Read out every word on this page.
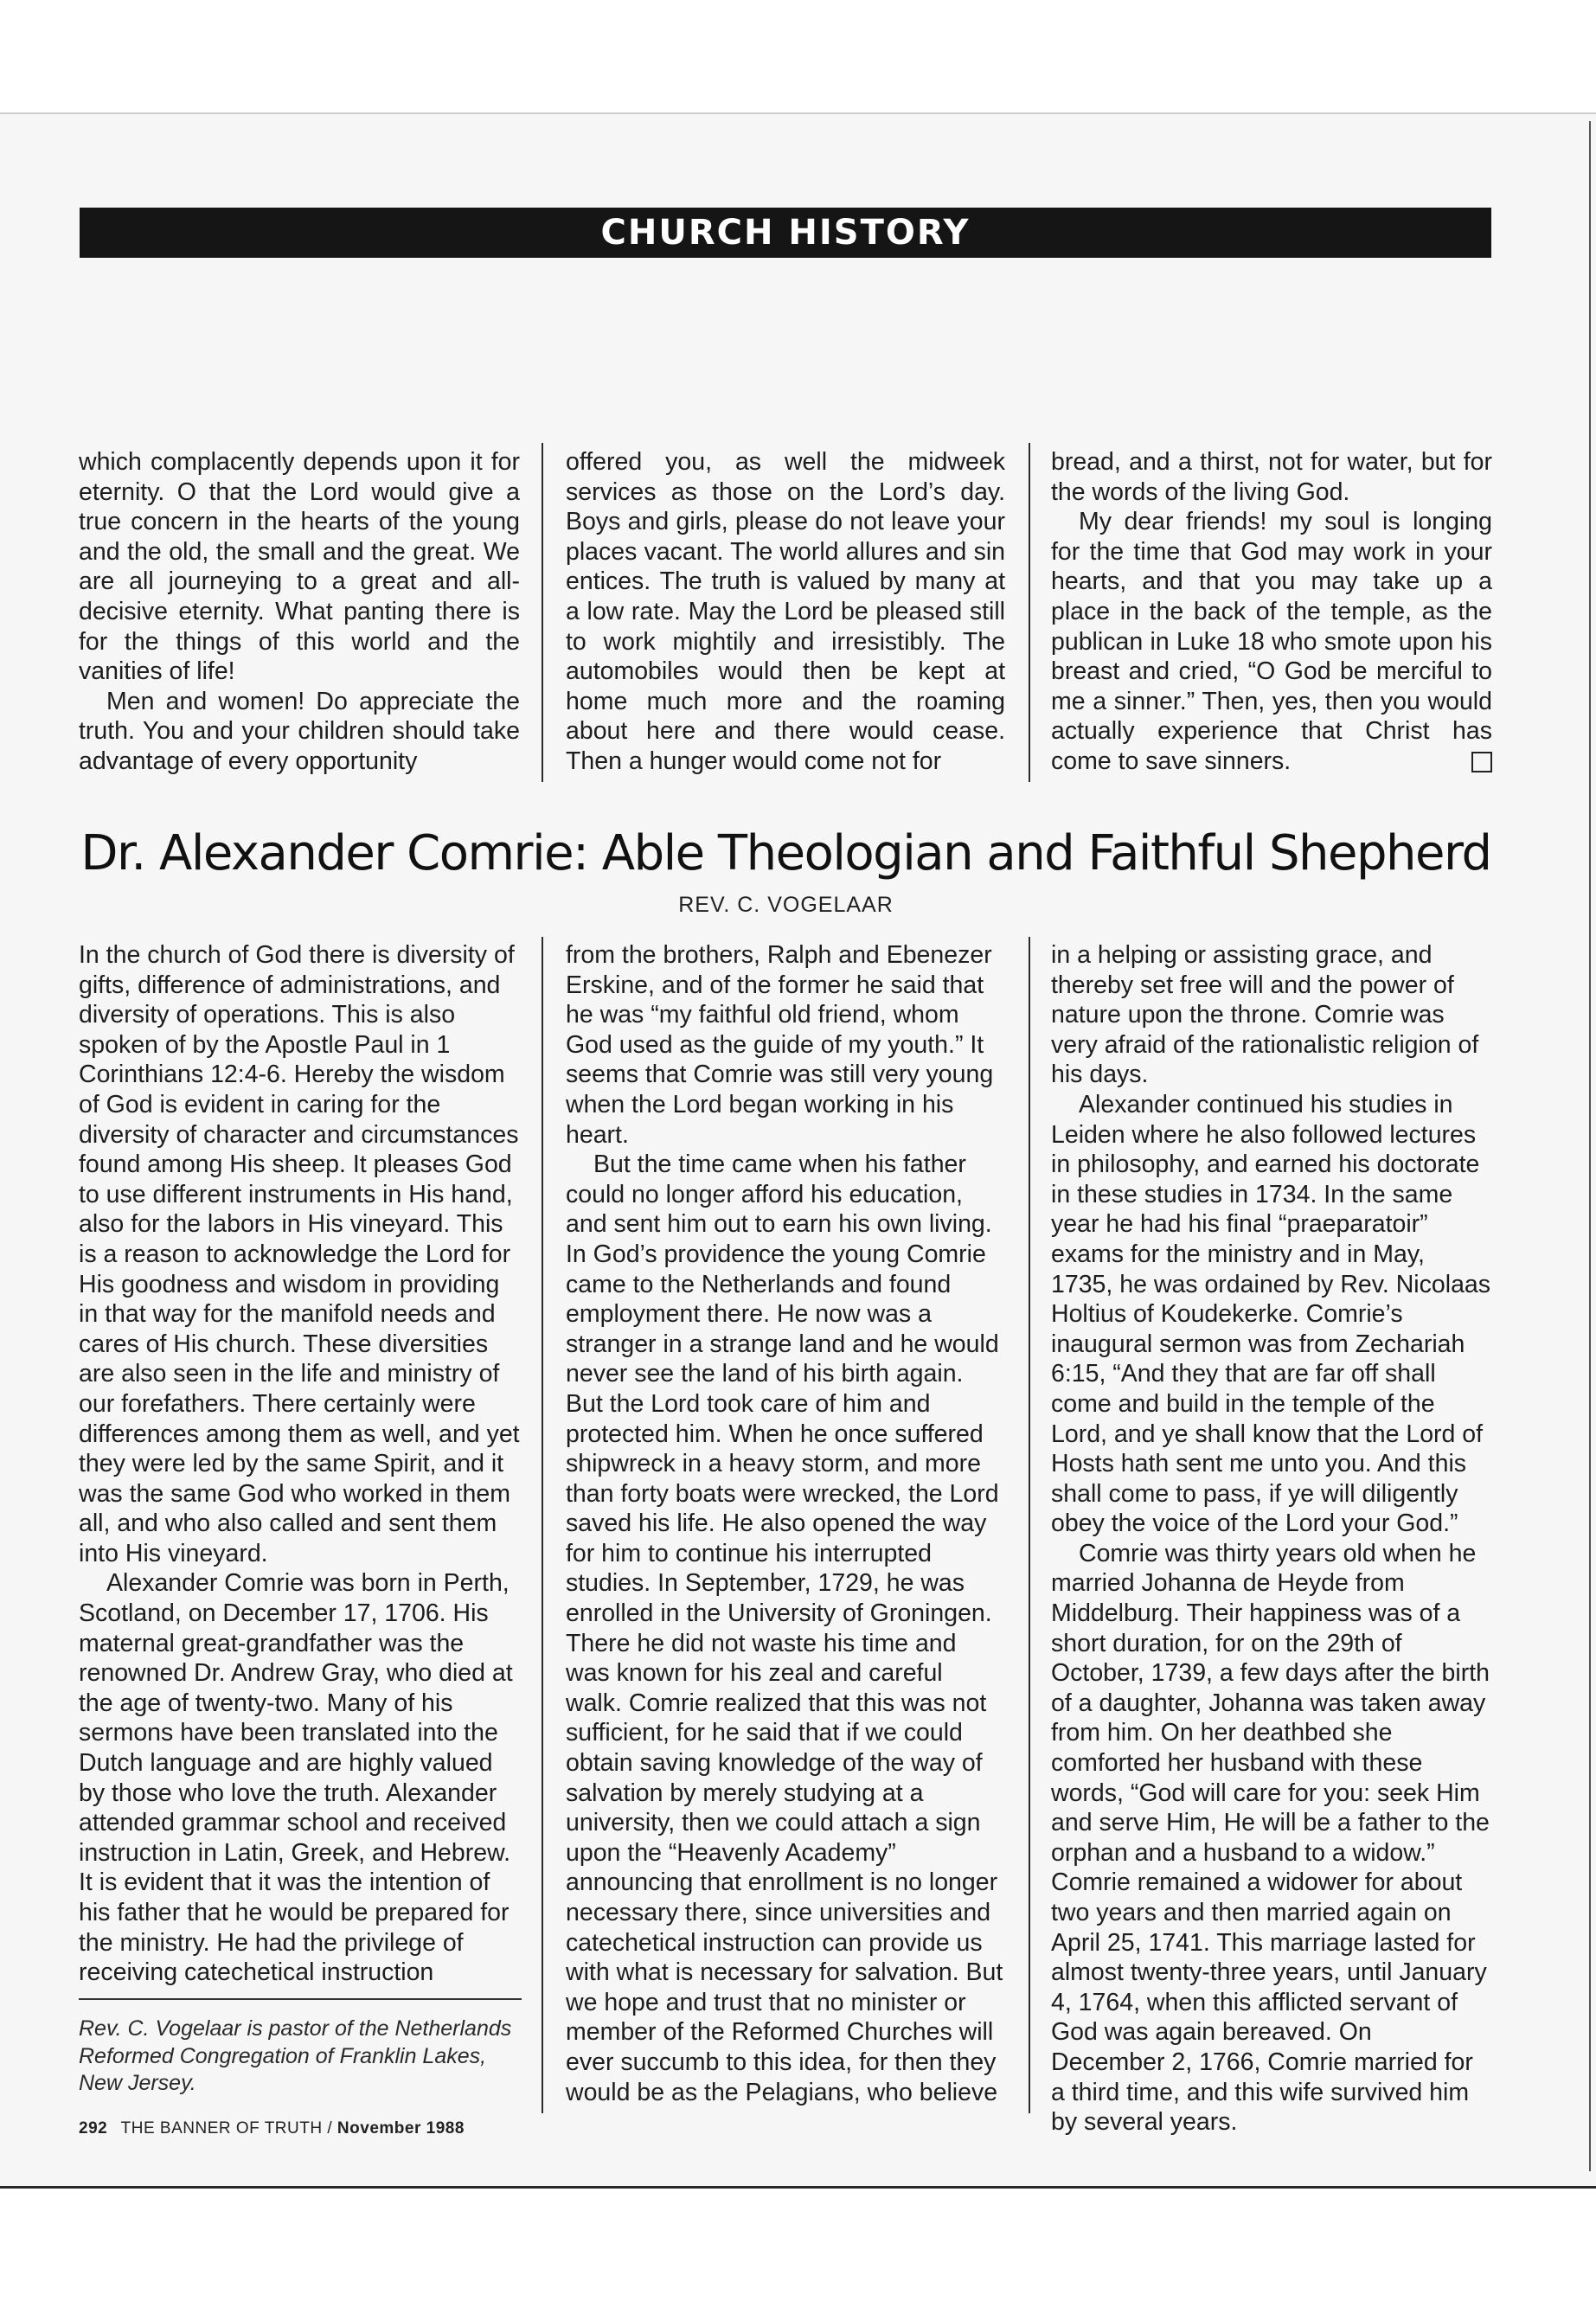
CHURCH HISTORY

which complacently depends upon it for eternity. O that the Lord would give a true concern in the hearts of the young and the old, the small and the great. We are all journeying to a great and all-decisive eternity. What panting there is for the things of this world and the vanities of life!

Men and women! Do appreciate the truth. You and your children should take advantage of every opportunity

offered you, as well the midweek services as those on the Lord’s day. Boys and girls, please do not leave your places vacant. The world allures and sin entices. The truth is valued by many at a low rate. May the Lord be pleased still to work mightily and irresistibly. The automobiles would then be kept at home much more and the roaming about here and there would cease. Then a hunger would come not for

bread, and a thirst, not for water, but for the words of the living God.

My dear friends! my soul is longing for the time that God may work in your hearts, and that you may take up a place in the back of the temple, as the publican in Luke 18 who smote upon his breast and cried, “O God be merciful to me a sinner.” Then, yes, then you would actually experience that Christ has come to save sinners.

Dr. Alexander Comrie: Able Theologian and Faithful Shepherd
REV. C. VOGELAAR

In the church of God there is diversity of gifts, difference of administrations, and diversity of operations. This is also spoken of by the Apostle Paul in 1 Corinthians 12:4-6. Hereby the wisdom of God is evident in caring for the diversity of character and circumstances found among His sheep. It pleases God to use different instruments in His hand, also for the labors in His vineyard. This is a reason to acknowledge the Lord for His goodness and wisdom in providing in that way for the manifold needs and cares of His church. These diversities are also seen in the life and ministry of our forefathers. There certainly were differences among them as well, and yet they were led by the same Spirit, and it was the same God who worked in them all, and who also called and sent them into His vineyard.

Alexander Comrie was born in Perth, Scotland, on December 17, 1706. His maternal great-grandfather was the renowned Dr. Andrew Gray, who died at the age of twenty-two. Many of his sermons have been translated into the Dutch language and are highly valued by those who love the truth. Alexander attended grammar school and received instruction in Latin, Greek, and Hebrew. It is evident that it was the intention of his father that he would be prepared for the ministry. He had the privilege of receiving catechetical instruction

from the brothers, Ralph and Ebenezer Erskine, and of the former he said that he was “my faithful old friend, whom God used as the guide of my youth.” It seems that Comrie was still very young when the Lord began working in his heart.

But the time came when his father could no longer afford his education, and sent him out to earn his own living. In God’s providence the young Comrie came to the Netherlands and found employment there. He now was a stranger in a strange land and he would never see the land of his birth again. But the Lord took care of him and protected him. When he once suffered shipwreck in a heavy storm, and more than forty boats were wrecked, the Lord saved his life. He also opened the way for him to continue his interrupted studies. In September, 1729, he was enrolled in the University of Groningen. There he did not waste his time and was known for his zeal and careful walk. Comrie realized that this was not sufficient, for he said that if we could obtain saving knowledge of the way of salvation by merely studying at a university, then we could attach a sign upon the “Heavenly Academy” announcing that enrollment is no longer necessary there, since universities and catechetical instruction can provide us with what is necessary for salvation. But we hope and trust that no minister or member of the Reformed Churches will ever succumb to this idea, for then they would be as the Pelagians, who believe

in a helping or assisting grace, and thereby set free will and the power of nature upon the throne. Comrie was very afraid of the rationalistic religion of his days.

Alexander continued his studies in Leiden where he also followed lectures in philosophy, and earned his doctorate in these studies in 1734. In the same year he had his final “praeparatoir” exams for the ministry and in May, 1735, he was ordained by Rev. Nicolaas Holtius of Koudekerke. Comrie’s inaugural sermon was from Zechariah 6:15, “And they that are far off shall come and build in the temple of the Lord, and ye shall know that the Lord of Hosts hath sent me unto you. And this shall come to pass, if ye will diligently obey the voice of the Lord your God.”

Comrie was thirty years old when he married Johanna de Heyde from Middelburg. Their happiness was of a short duration, for on the 29th of October, 1739, a few days after the birth of a daughter, Johanna was taken away from him. On her deathbed she comforted her husband with these words, “God will care for you: seek Him and serve Him, He will be a father to the orphan and a husband to a widow.” Comrie remained a widower for about two years and then married again on April 25, 1741. This marriage lasted for almost twenty-three years, until January 4, 1764, when this afflicted servant of God was again bereaved. On December 2, 1766, Comrie married for a third time, and this wife survived him by several years.

Rev. C. Vogelaar is pastor of the Netherlands Reformed Congregation of Franklin Lakes, New Jersey.
292 THE BANNER OF TRUTH / November 1988
